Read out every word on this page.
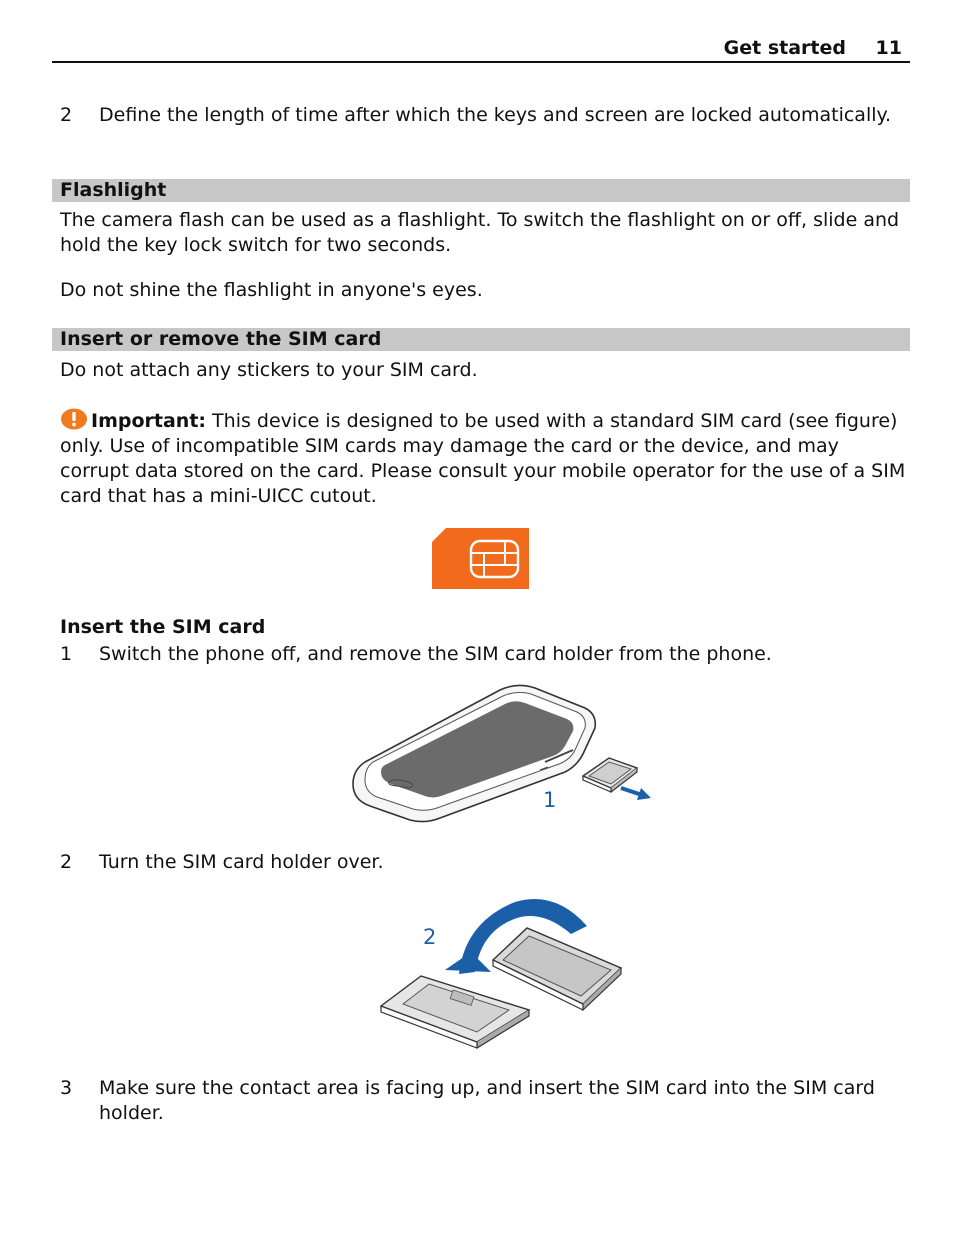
Get started 11
2	Define the length of time after which the keys and screen are locked automatically.
Flashlight
The camera flash can be used as a flashlight. To switch the flashlight on or off, slide and hold the key lock switch for two seconds.
Do not shine the flashlight in anyone's eyes.
Insert or remove the SIM card
Do not attach any stickers to your SIM card.
Important: This device is designed to be used with a standard SIM card (see figure) only. Use of incompatible SIM cards may damage the card or the device, and may corrupt data stored on the card. Please consult your mobile operator for the use of a SIM card that has a mini-UICC cutout.
Insert the SIM card
1	Switch the phone off, and remove the SIM card holder from the phone.
1
2	Turn the SIM card holder over.
2
3	Make sure the contact area is facing up, and insert the SIM card into the SIM card holder.
